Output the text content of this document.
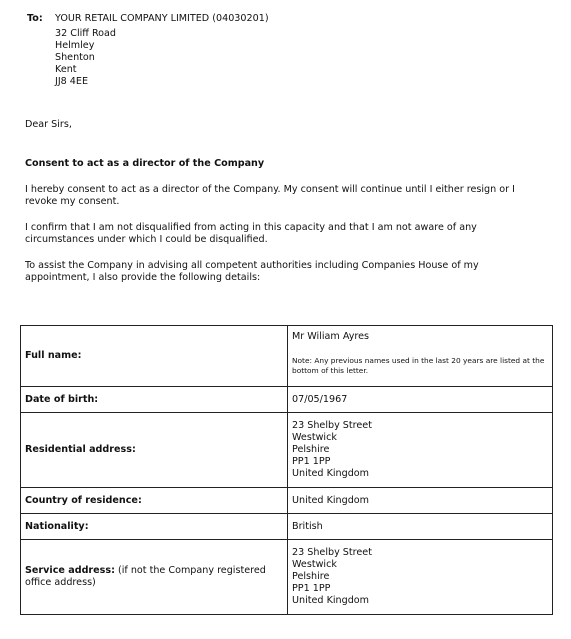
To: YOUR RETAIL COMPANY LIMITED (04030201)
32 Cliff Road
Helmley
Shenton
Kent
JJ8 4EE
Dear Sirs,
Consent to act as a director of the Company
I hereby consent to act as a director of the Company. My consent will continue until I either resign or I revoke my consent.
I confirm that I am not disqualified from acting in this capacity and that I am not aware of any circumstances under which I could be disqualified.
To assist the Company in advising all competent authorities including Companies House of my appointment, I also provide the following details:
Full name:	Mr Wiliam Ayres
Note: Any previous names used in the last 20 years are listed at the bottom of this letter.

Date of birth:	07/05/1967
Residential address:	23 Shelby Street
Westwick
Pelshire
PP1 1PP
United Kingdom

Country of residence:	United Kingdom
Nationality:	British
Service address: (if not the Company registered office address)	23 Shelby Street
Westwick
Pelshire
PP1 1PP
United Kingdom
